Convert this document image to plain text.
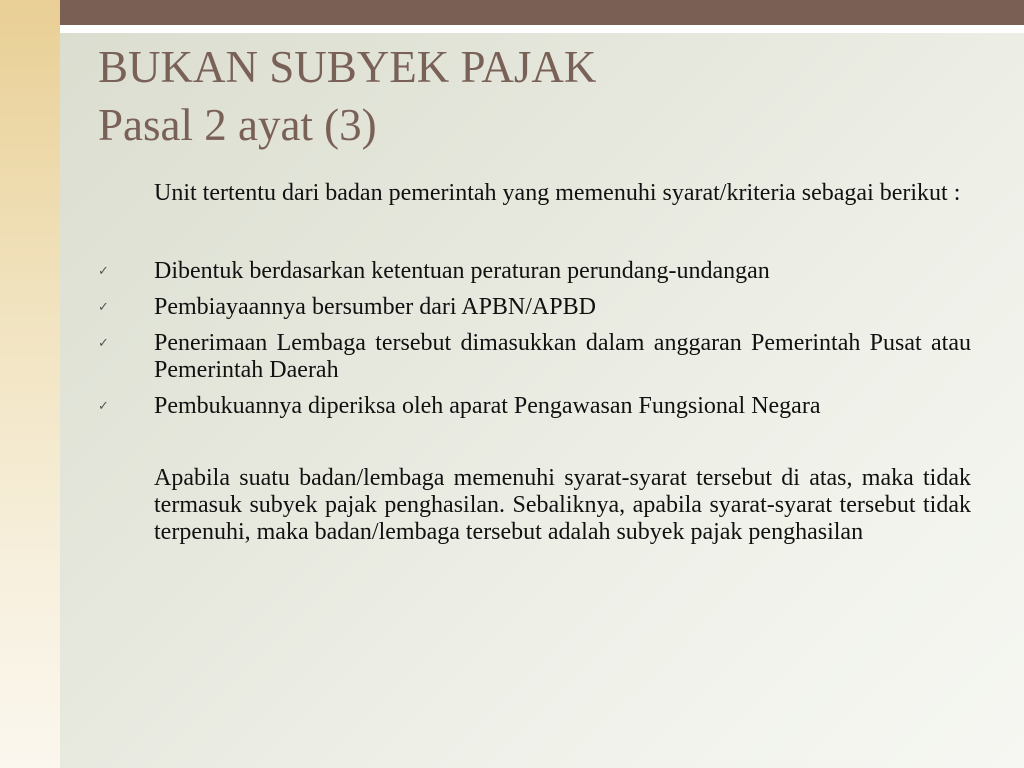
BUKAN SUBYEK PAJAK
Pasal 2 ayat (3)

Unit tertentu dari badan pemerintah yang memenuhi syarat/kriteria sebagai berikut :

✓ Dibentuk berdasarkan ketentuan peraturan perundang-undangan
✓ Pembiayaannya bersumber dari APBN/APBD
✓ Penerimaan Lembaga tersebut dimasukkan dalam anggaran Pemerintah Pusat atau Pemerintah Daerah
✓ Pembukuannya diperiksa oleh aparat Pengawasan Fungsional Negara

Apabila suatu badan/lembaga memenuhi syarat-syarat tersebut di atas, maka tidak termasuk subyek pajak penghasilan. Sebaliknya, apabila syarat-syarat tersebut tidak terpenuhi, maka badan/lembaga tersebut adalah subyek pajak penghasilan
